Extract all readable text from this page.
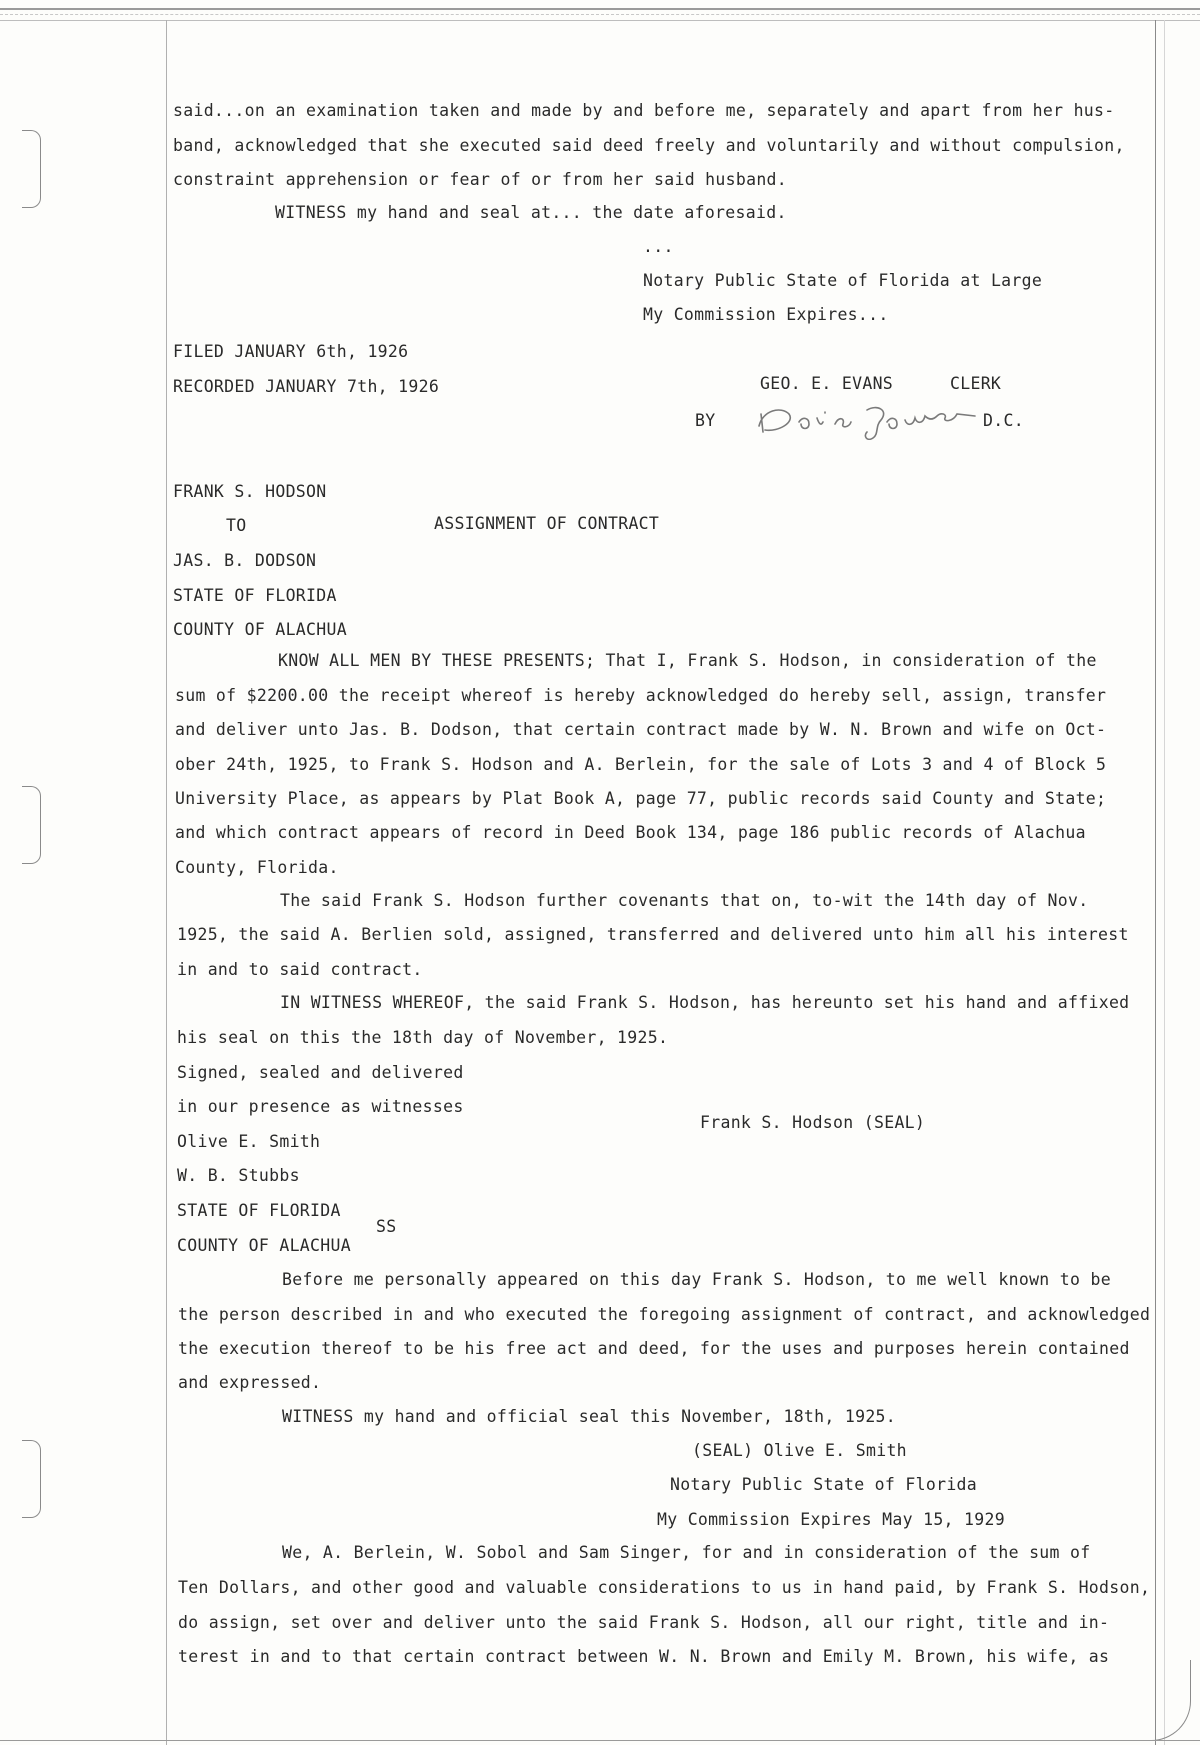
said...on an examination taken and made by and before me, separately and apart from her hus-
band, acknowledged that she executed said deed freely and voluntarily and without compulsion,
constraint apprehension or fear of or from her said husband.
WITNESS my hand and seal at... the date aforesaid.
...
Notary Public State of Florida at Large
My Commission Expires...
FILED JANUARY 6th, 1926
RECORDED JANUARY 7th, 1926	GEO. E. EVANS	CLERK
BY	D.C.
FRANK S. HODSON
TO	ASSIGNMENT OF CONTRACT
JAS. B. DODSON
STATE OF FLORIDA
COUNTY OF ALACHUA
KNOW ALL MEN BY THESE PRESENTS; That I, Frank S. Hodson, in consideration of the
sum of $2200.00 the receipt whereof is hereby acknowledged do hereby sell, assign, transfer
and deliver unto Jas. B. Dodson, that certain contract made by W. N. Brown and wife on Oct-
ober 24th, 1925, to Frank S. Hodson and A. Berlein, for the sale of Lots 3 and 4 of Block 5
University Place, as appears by Plat Book A, page 77, public records said County and State;
and which contract appears of record in Deed Book 134, page 186 public records of Alachua
County, Florida.
The said Frank S. Hodson further covenants that on, to-wit the 14th day of Nov.
1925, the said A. Berlien sold, assigned, transferred and delivered unto him all his interest
in and to said contract.
IN WITNESS WHEREOF, the said Frank S. Hodson, has hereunto set his hand and affixed
his seal on this the 18th day of November, 1925.
Signed, sealed and delivered
in our presence as witnesses
Frank S. Hodson (SEAL)
Olive E. Smith
W. B. Stubbs
STATE OF FLORIDA
SS
COUNTY OF ALACHUA
Before me personally appeared on this day Frank S. Hodson, to me well known to be
the person described in and who executed the foregoing assignment of contract, and acknowledged
the execution thereof to be his free act and deed, for the uses and purposes herein contained
and expressed.
WITNESS my hand and official seal this November, 18th, 1925.
(SEAL) Olive E. Smith
Notary Public State of Florida
My Commission Expires May 15, 1929
We, A. Berlein, W. Sobol and Sam Singer, for and in consideration of the sum of
Ten Dollars, and other good and valuable considerations to us in hand paid, by Frank S. Hodson,
do assign, set over and deliver unto the said Frank S. Hodson, all our right, title and in-
terest in and to that certain contract between W. N. Brown and Emily M. Brown, his wife, as
